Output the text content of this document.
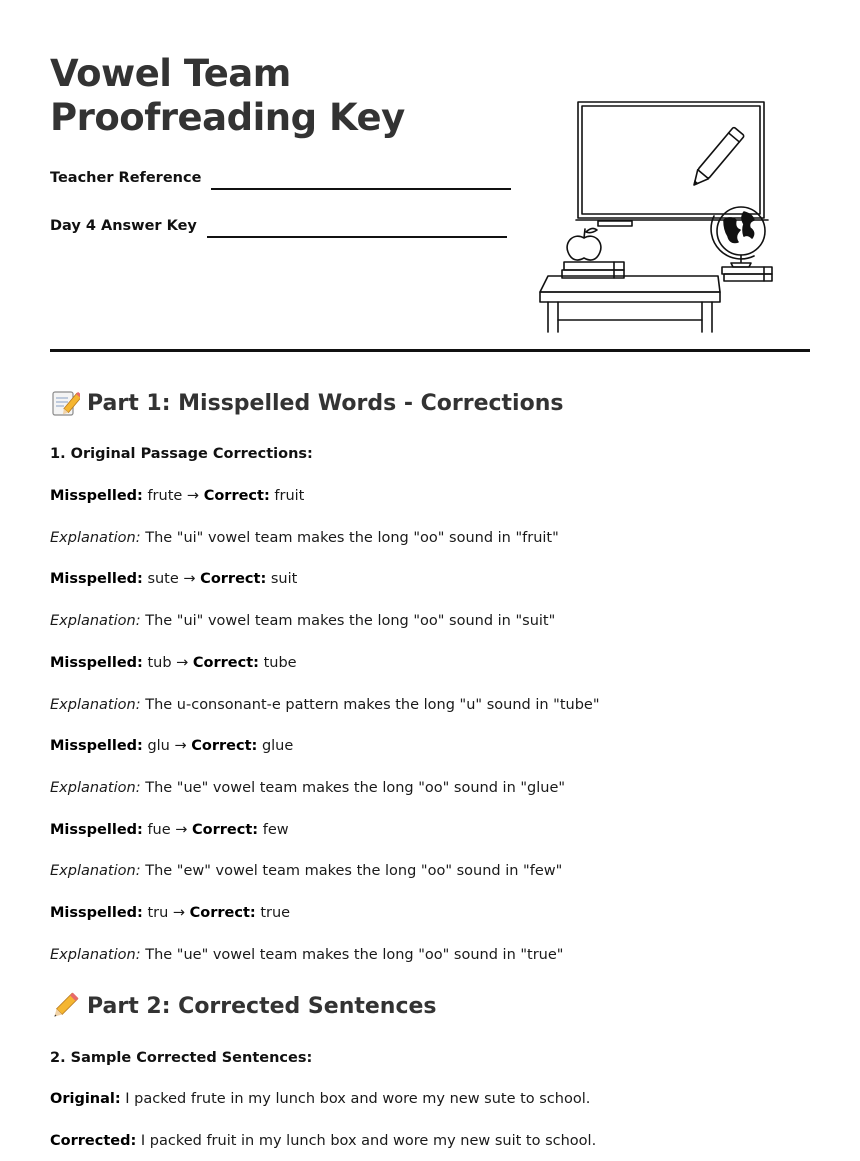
Vowel Team
Proofreading Key
Teacher Reference
Day 4 Answer Key
Part 1: Misspelled Words - Corrections

1. Original Passage Corrections:

Misspelled: frute → Correct: fruit

Explanation: The "ui" vowel team makes the long "oo" sound in "fruit"

Misspelled: sute → Correct: suit

Explanation: The "ui" vowel team makes the long "oo" sound in "suit"

Misspelled: tub → Correct: tube

Explanation: The u-consonant-e pattern makes the long "u" sound in "tube"

Misspelled: glu → Correct: glue

Explanation: The "ue" vowel team makes the long "oo" sound in "glue"

Misspelled: fue → Correct: few

Explanation: The "ew" vowel team makes the long "oo" sound in "few"

Misspelled: tru → Correct: true

Explanation: The "ue" vowel team makes the long "oo" sound in "true"

Part 2: Corrected Sentences

2. Sample Corrected Sentences:

Original: I packed frute in my lunch box and wore my new sute to school.

Corrected: I packed fruit in my lunch box and wore my new suit to school.
